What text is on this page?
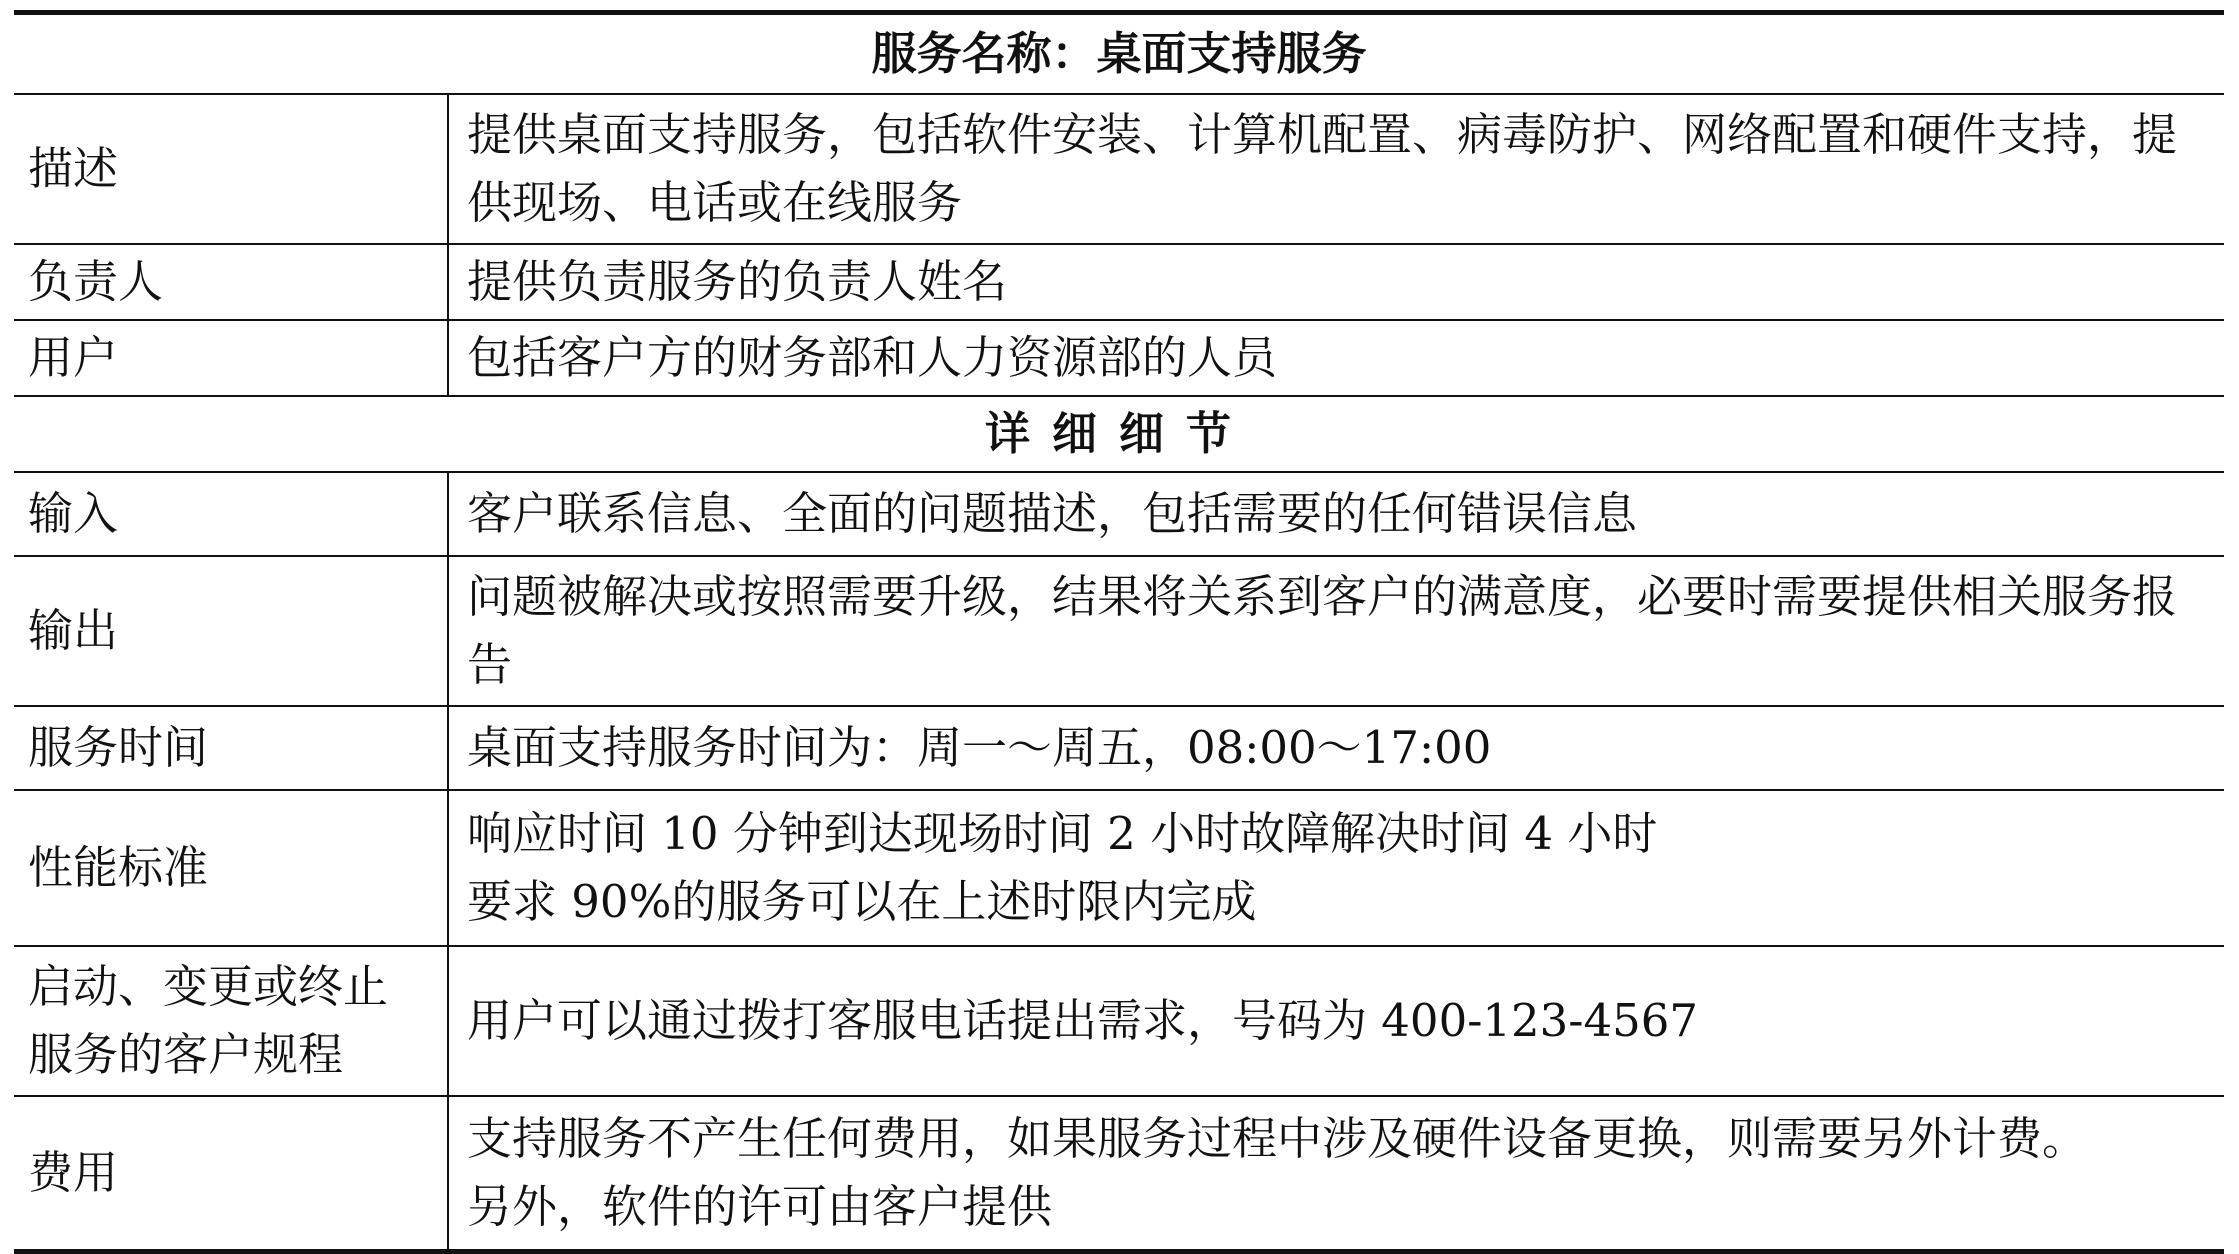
服务名称：桌面支持服务	
描述	提供桌面支持服务，包括软件安装、计算机配置、病毒防护、网络配置和硬件支持，提供现场、电话或在线服务
负责人	提供负责服务的负责人姓名
用户	包括客户方的财务部和人力资源部的人员
详细细节	
输入	客户联系信息、全面的问题描述，包括需要的任何错误信息
输出	问题被解决或按照需要升级，结果将关系到客户的满意度，必要时需要提供相关服务报告
服务时间	桌面支持服务时间为：周一～周五，08:00～17:00
性能标准	响应时间 10 分钟到达现场时间 2 小时故障解决时间 4 小时
要求 90%的服务可以在上述时限内完成

启动、变更或终止
服务的客户规程	用户可以通过拨打客服电话提出需求，号码为 400-123-4567
费用	支持服务不产生任何费用，如果服务过程中涉及硬件设备更换，则需要另外计费。
另外，软件的许可由客户提供
